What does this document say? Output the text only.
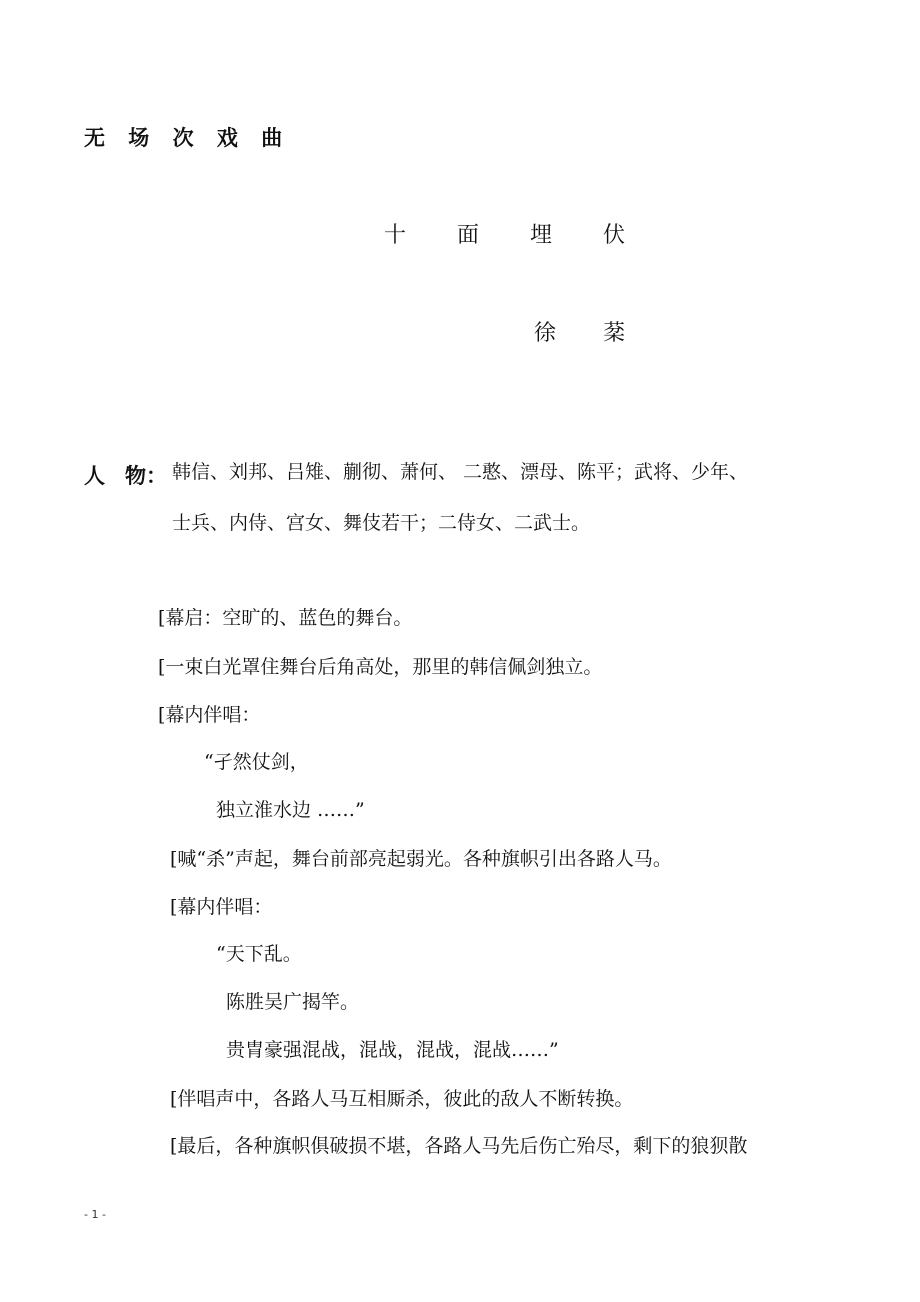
无 场 次 戏 曲
十 面 埋 伏
徐 棻
人 物： 韩信、刘邦、吕雉、蒯彻、萧何、 二憨、漂母、陈平；武将、少年、
士兵、内侍、宫女、舞伎若干；二侍女、二武士。
[幕启：空旷的、蓝色的舞台。
[一束白光罩住舞台后角高处，那里的韩信佩剑独立。
[幕内伴唱：
“孑然仗剑，
独立淮水边 ……”
[喊“杀”声起，舞台前部亮起弱光。各种旗帜引出各路人马。
[幕内伴唱：
“天下乱。
陈胜吴广揭竿。
贵胄豪强混战，混战，混战，混战……”
[伴唱声中，各路人马互相厮杀，彼此的敌人不断转换。
[最后，各种旗帜俱破损不堪，各路人马先后伤亡殆尽，剩下的狼狈散
- 1 -
